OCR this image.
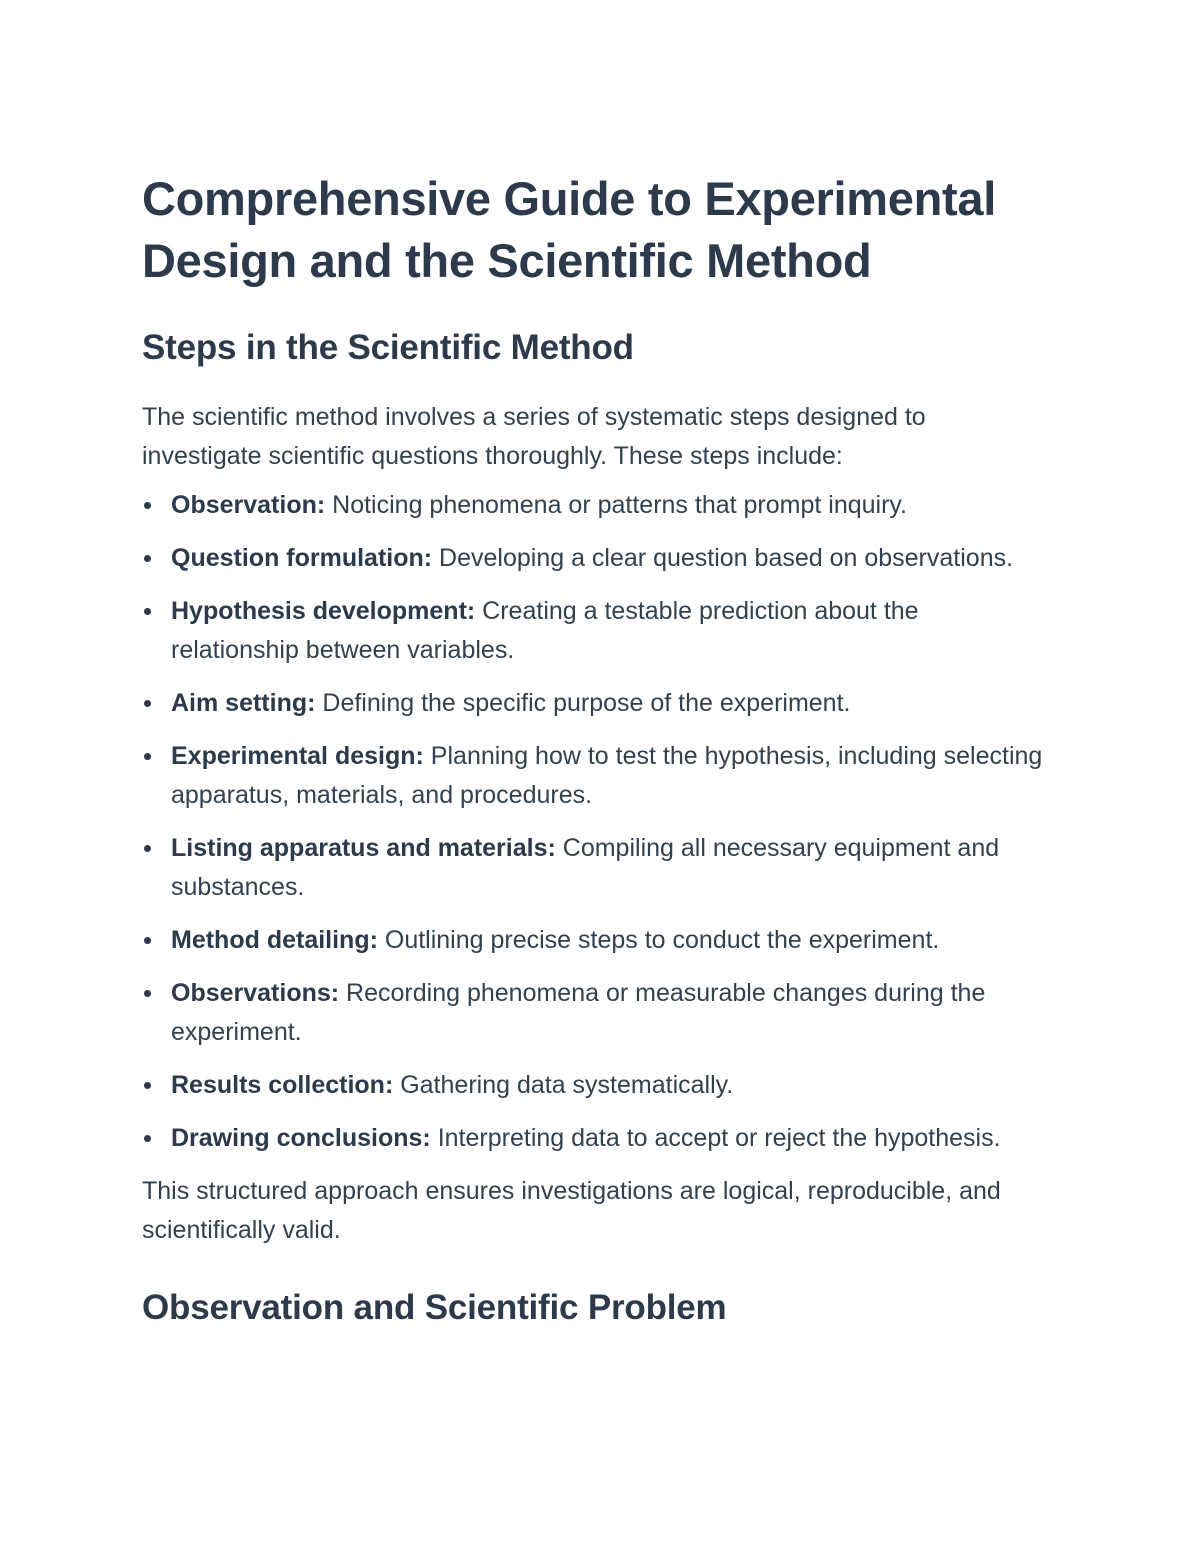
Comprehensive Guide to Experimental Design and the Scientific Method
Steps in the Scientific Method

The scientific method involves a series of systematic steps designed to investigate scientific questions thoroughly. These steps include:

Observation: Noticing phenomena or patterns that prompt inquiry.
Question formulation: Developing a clear question based on observations.
Hypothesis development: Creating a testable prediction about the relationship between variables.
Aim setting: Defining the specific purpose of the experiment.
Experimental design: Planning how to test the hypothesis, including selecting apparatus, materials, and procedures.
Listing apparatus and materials: Compiling all necessary equipment and substances.
Method detailing: Outlining precise steps to conduct the experiment.
Observations: Recording phenomena or measurable changes during the experiment.
Results collection: Gathering data systematically.
Drawing conclusions: Interpreting data to accept or reject the hypothesis.

This structured approach ensures investigations are logical, reproducible, and scientifically valid.

Observation and Scientific Problem
